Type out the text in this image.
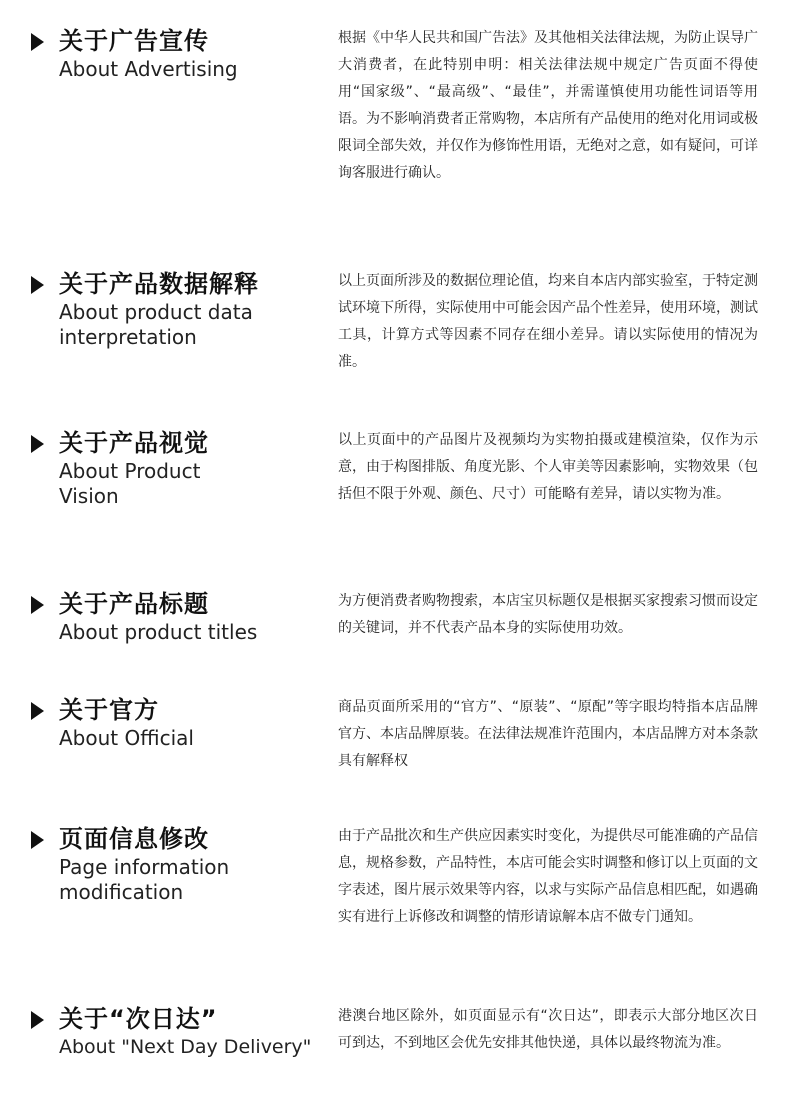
关于广告宣传
About Advertising
根据《中华人民共和国广告法》及其他相关法律法规，为防止误导广大消费者，在此特别申明：相关法律法规中规定广告页面不得使用“国家级”、“最高级”、“最佳”，并需谨慎使用功能性词语等用语。为不影响消费者正常购物，本店所有产品使用的绝对化用词或极限词全部失效，并仅作为修饰性用语，无绝对之意，如有疑问，可详询客服进行确认。
关于产品数据解释
About product data interpretation
以上页面所涉及的数据位理论值，均来自本店内部实验室，于特定测试环境下所得，实际使用中可能会因产品个性差异，使用环境，测试工具，计算方式等因素不同存在细小差异。请以实际使用的情况为准。
关于产品视觉
About Product Vision
以上页面中的产品图片及视频均为实物拍摄或建模渲染，仅作为示意，由于构图排版、角度光影、个人审美等因素影响，实物效果（包括但不限于外观、颜色、尺寸）可能略有差异，请以实物为准。
关于产品标题
About product titles
为方便消费者购物搜索，本店宝贝标题仅是根据买家搜索习惯而设定的关键词，并不代表产品本身的实际使用功效。
关于官方
About Official
商品页面所采用的“官方”、“原装”、“原配”等字眼均特指本店品牌官方、本店品牌原装。在法律法规准许范围内，本店品牌方对本条款具有解释权
页面信息修改
Page information modification
由于产品批次和生产供应因素实时变化，为提供尽可能准确的产品信息，规格参数，产品特性，本店可能会实时调整和修订以上页面的文字表述，图片展示效果等内容，以求与实际产品信息相匹配，如遇确实有进行上诉修改和调整的情形请谅解本店不做专门通知。
关于“次日达”
About "Next Day Delivery"
港澳台地区除外，如页面显示有“次日达”，即表示大部分地区次日可到达，不到地区会优先安排其他快递，具体以最终物流为准。
